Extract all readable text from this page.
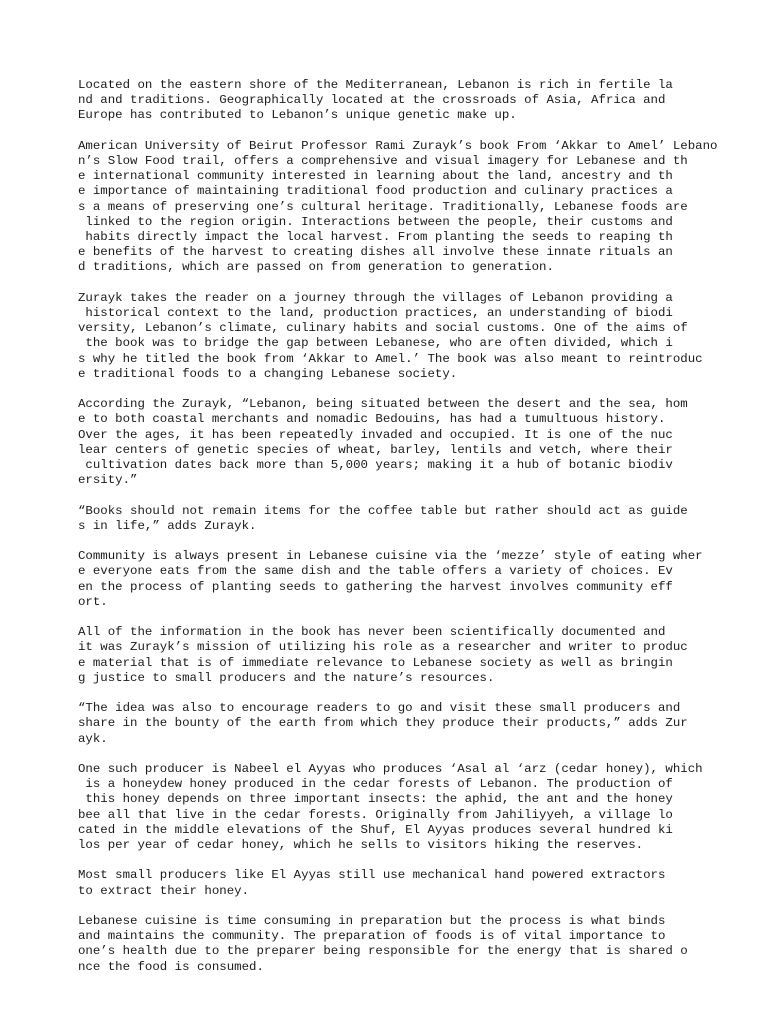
Located on the eastern shore of the Mediterranean, Lebanon is rich in fertile la
nd and traditions. Geographically located at the crossroads of Asia, Africa and
Europe has contributed to Lebanon’s unique genetic make up.
American University of Beirut Professor Rami Zurayk’s book From ‘Akkar to Amel’ Lebano
n’s Slow Food trail, offers a comprehensive and visual imagery for Lebanese and th
e international community interested in learning about the land, ancestry and th
e importance of maintaining traditional food production and culinary practices a
s a means of preserving one’s cultural heritage. Traditionally, Lebanese foods are
linked to the region origin. Interactions between the people, their customs and
habits directly impact the local harvest. From planting the seeds to reaping th
e benefits of the harvest to creating dishes all involve these innate rituals an
d traditions, which are passed on from generation to generation.
Zurayk takes the reader on a journey through the villages of Lebanon providing a
historical context to the land, production practices, an understanding of biodi
versity, Lebanon’s climate, culinary habits and social customs. One of the aims of
the book was to bridge the gap between Lebanese, who are often divided, which i
s why he titled the book from ‘Akkar to Amel.’ The book was also meant to reintroduc
e traditional foods to a changing Lebanese society.
According the Zurayk, “Lebanon, being situated between the desert and the sea, hom
e to both coastal merchants and nomadic Bedouins, has had a tumultuous history.
Over the ages, it has been repeatedly invaded and occupied. It is one of the nuc
lear centers of genetic species of wheat, barley, lentils and vetch, where their
cultivation dates back more than 5,000 years; making it a hub of botanic biodiv
ersity.”
“Books should not remain items for the coffee table but rather should act as guide
s in life,” adds Zurayk.
Community is always present in Lebanese cuisine via the ‘mezze’ style of eating wher
e everyone eats from the same dish and the table offers a variety of choices. Ev
en the process of planting seeds to gathering the harvest involves community eff
ort.
All of the information in the book has never been scientifically documented and
it was Zurayk’s mission of utilizing his role as a researcher and writer to produc
e material that is of immediate relevance to Lebanese society as well as bringin
g justice to small producers and the nature’s resources.
“The idea was also to encourage readers to go and visit these small producers and
share in the bounty of the earth from which they produce their products,” adds Zur
ayk.
One such producer is Nabeel el Ayyas who produces ‘Asal al ‘arz (cedar honey), which
is a honeydew honey produced in the cedar forests of Lebanon. The production of
this honey depends on three important insects: the aphid, the ant and the honey
bee all that live in the cedar forests. Originally from Jahiliyyeh, a village lo
cated in the middle elevations of the Shuf, El Ayyas produces several hundred ki
los per year of cedar honey, which he sells to visitors hiking the reserves.
Most small producers like El Ayyas still use mechanical hand powered extractors
to extract their honey.
Lebanese cuisine is time consuming in preparation but the process is what binds
and maintains the community. The preparation of foods is of vital importance to
one’s health due to the preparer being responsible for the energy that is shared o
nce the food is consumed.
